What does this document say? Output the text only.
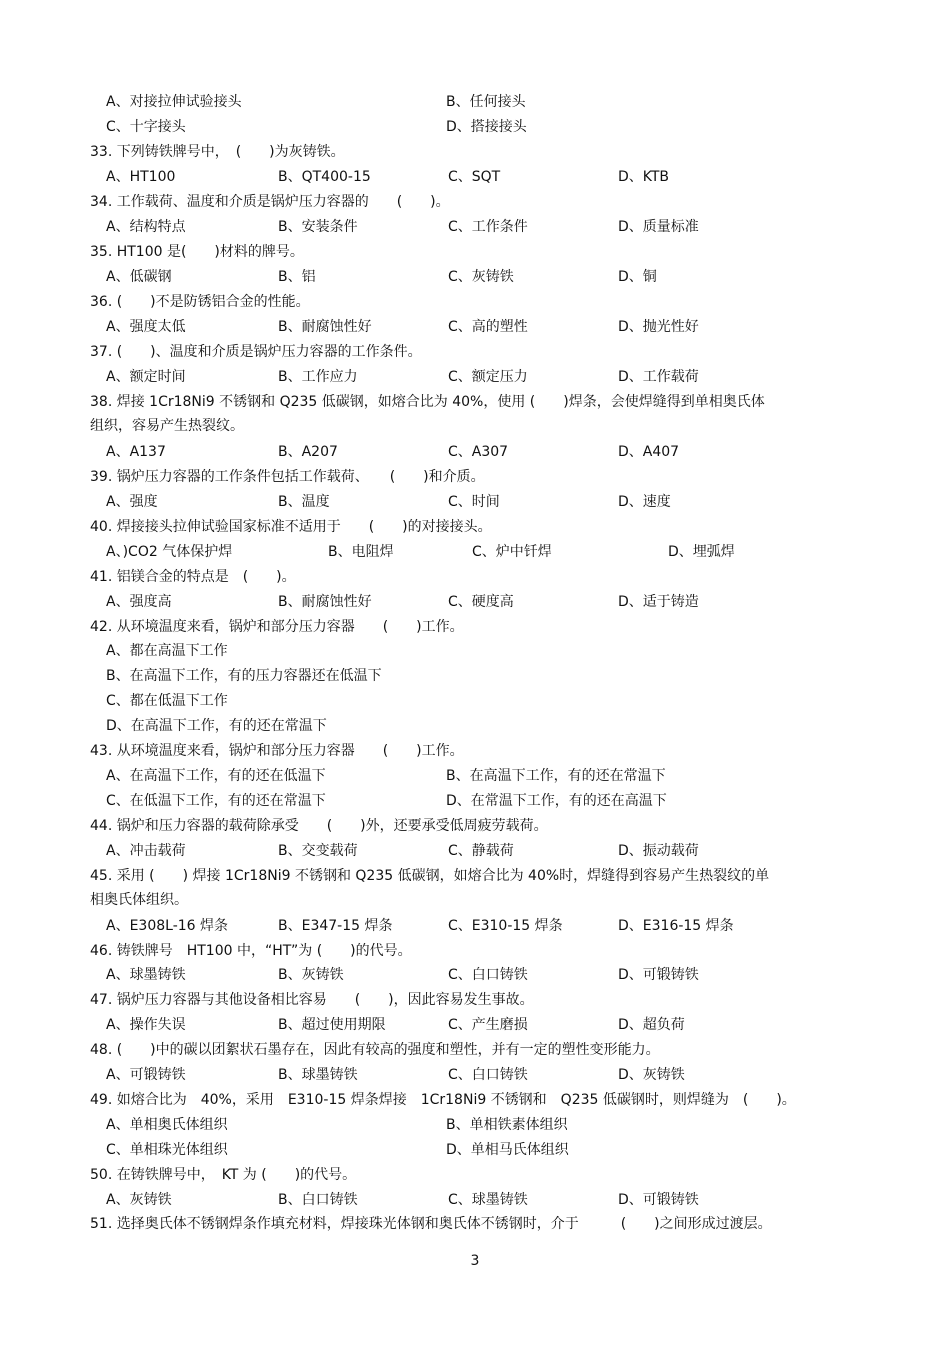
A、对接拉伸试验接头	B、任何接头
C、十字接头	D、搭接接头
33. 下列铸铁牌号中，　(　　)为灰铸铁。
A、HT100	B、QT400-15	C、SQT	D、KTB
34. 工作载荷、温度和介质是锅炉压力容器的　　(　　)。
A、结构特点	B、安装条件	C、工作条件	D、质量标准
35. HT100 是(　　)材料的牌号。
A、低碳钢	B、铝	C、灰铸铁	D、铜
36. (　　)不是防锈铝合金的性能。
A、强度太低	B、耐腐蚀性好	C、高的塑性	D、抛光性好
37. (　　)、温度和介质是锅炉压力容器的工作条件。
A、额定时间	B、工作应力	C、额定压力	D、工作载荷
38. 焊接 1Cr18Ni9 不锈钢和 Q235 低碳钢，如熔合比为 40%，使用 (　　)焊条，会使焊缝得到单相奥氏体
组织，容易产生热裂纹。
A、A137	B、A207	C、A307	D、A407
39. 锅炉压力容器的工作条件包括工作载荷、　　(　　)和介质。
A、强度	B、温度	C、时间	D、速度
40. 焊接接头拉伸试验国家标准不适用于　　(　　)的对接接头。
A、)CO2 气体保护焊	B、电阻焊	C、炉中钎焊	D、埋弧焊
41. 铝镁合金的特点是　(　　)。
A、强度高	B、耐腐蚀性好	C、硬度高	D、适于铸造
42. 从环境温度来看，锅炉和部分压力容器　　(　　)工作。
A、都在高温下工作
B、在高温下工作，有的压力容器还在低温下
C、都在低温下工作
D、在高温下工作，有的还在常温下
43. 从环境温度来看，锅炉和部分压力容器　　(　　)工作。
A、在高温下工作，有的还在低温下	B、在高温下工作，有的还在常温下
C、在低温下工作，有的还在常温下	D、在常温下工作，有的还在高温下
44. 锅炉和压力容器的载荷除承受　　(　　)外，还要承受低周疲劳载荷。
A、冲击载荷	B、交变载荷	C、静载荷	D、振动载荷
45. 采用 (　　) 焊接 1Cr18Ni9 不锈钢和 Q235 低碳钢，如熔合比为 40%时，焊缝得到容易产生热裂纹的单
相奥氏体组织。
A、E308L-16 焊条	B、E347-15 焊条	C、E310-15 焊条	D、E316-15 焊条
46. 铸铁牌号　HT100 中，“HT”为 (　　)的代号。
A、球墨铸铁	B、灰铸铁	C、白口铸铁	D、可锻铸铁
47. 锅炉压力容器与其他设备相比容易　　(　　)，因此容易发生事故。
A、操作失误	B、超过使用期限	C、产生磨损	D、超负荷
48. (　　)中的碳以团絮状石墨存在，因此有较高的强度和塑性，并有一定的塑性变形能力。
A、可锻铸铁	B、球墨铸铁	C、白口铸铁	D、灰铸铁
49. 如熔合比为　40%，采用　E310-15 焊条焊接　1Cr18Ni9 不锈钢和　Q235 低碳钢时，则焊缝为　(　　)。
A、单相奥氏体组织	B、单相铁素体组织
C、单相珠光体组织	D、单相马氏体组织
50. 在铸铁牌号中，　KT 为 (　　)的代号。
A、灰铸铁	B、白口铸铁	C、球墨铸铁	D、可锻铸铁
51. 选择奥氏体不锈钢焊条作填充材料，焊接珠光体钢和奥氏体不锈钢时，介于　　　(　　)之间形成过渡层。
3
